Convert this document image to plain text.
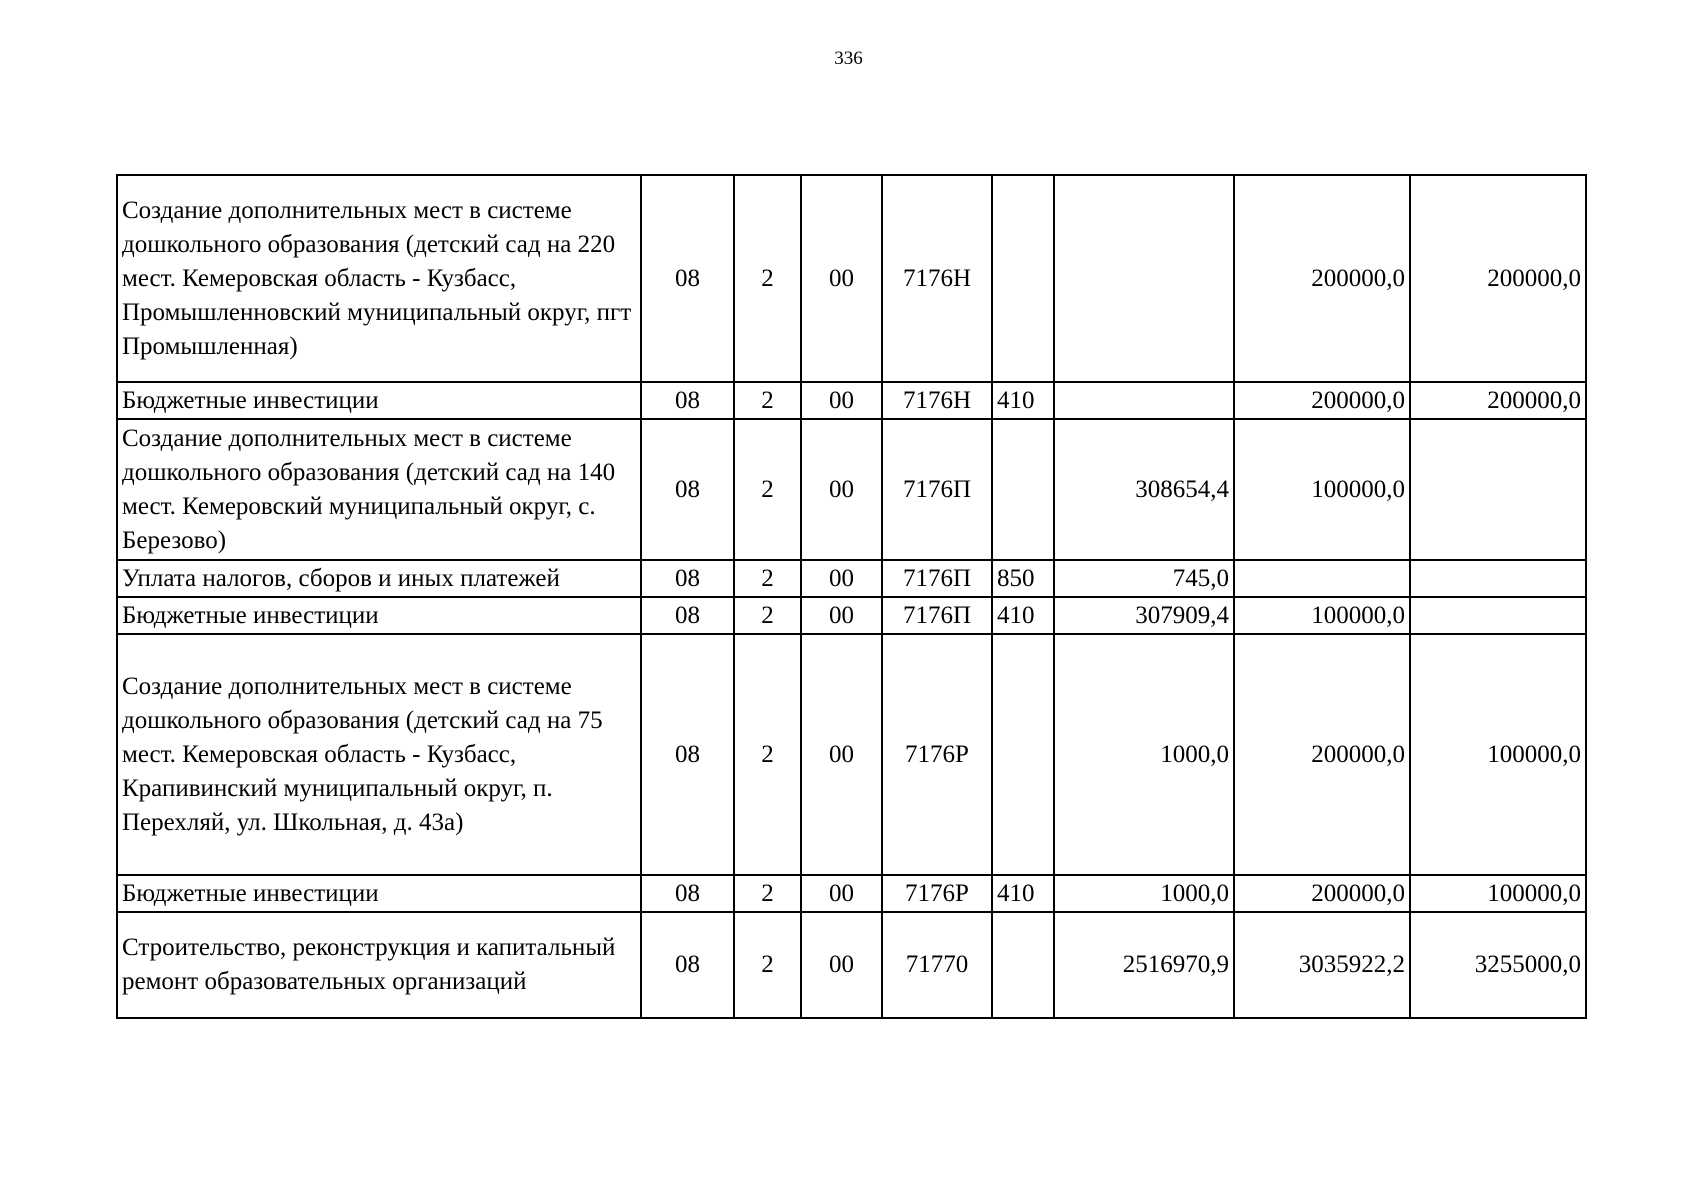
336
Создание дополнительных мест в системе дошкольного образования (детский сад на 220 мест. Кемеровская область - Кузбасс, Промышленновский муниципальный округ, пгт Промышленная)	08	2	00	7176Н			200000,0	200000,0
Бюджетные инвестиции	08	2	00	7176Н	410		200000,0	200000,0
Создание дополнительных мест в системе дошкольного образования (детский сад на 140 мест. Кемеровский муниципальный округ, с. Березово)	08	2	00	7176П		308654,4	100000,0	
Уплата налогов, сборов и иных платежей	08	2	00	7176П	850	745,0		
Бюджетные инвестиции	08	2	00	7176П	410	307909,4	100000,0	
Создание дополнительных мест в системе дошкольного образования (детский сад на 75 мест. Кемеровская область - Кузбасс, Крапивинский муниципальный округ, п. Перехляй, ул. Школьная, д. 43а)	08	2	00	7176Р		1000,0	200000,0	100000,0
Бюджетные инвестиции	08	2	00	7176Р	410	1000,0	200000,0	100000,0
Строительство, реконструкция и капитальный ремонт образовательных организаций	08	2	00	71770		2516970,9	3035922,2	3255000,0
